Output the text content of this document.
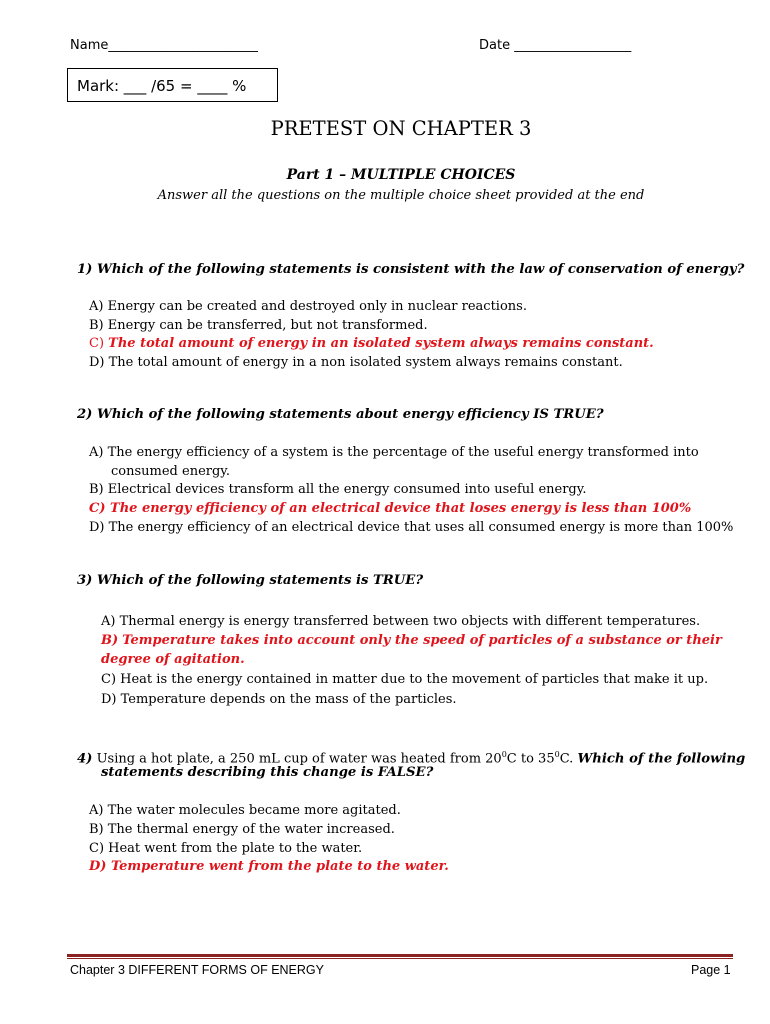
Name_______________________	Date __________________
Mark: ___ /65 = ____ %
PRETEST ON CHAPTER 3
Part 1 – MULTIPLE CHOICES
Answer all the questions on the multiple choice sheet provided at the end
1) Which of the following statements is consistent with the law of conservation of energy?
A) Energy can be created and destroyed only in nuclear reactions.
B) Energy can be transferred, but not transformed.
C) The total amount of energy in an isolated system always remains constant.
D) The total amount of energy in a non isolated system always remains constant.
2) Which of the following statements about energy efficiency IS TRUE?
A) The energy efficiency of a system is the percentage of the useful energy transformed into
consumed energy.
B) Electrical devices transform all the energy consumed into useful energy.
C) The energy efficiency of an electrical device that loses energy is less than 100%
D) The energy efficiency of an electrical device that uses all consumed energy is more than 100%
3) Which of the following statements is TRUE?
A) Thermal energy is energy transferred between two objects with different temperatures.
B) Temperature takes into account only the speed of particles of a substance or their
degree of agitation.
C) Heat is the energy contained in matter due to the movement of particles that make it up.
D) Temperature depends on the mass of the particles.
4) Using a hot plate, a 250 mL cup of water was heated from $20^0C$ to $35^0C$. Which of the following
statements describing this change is FALSE?
A) The water molecules became more agitated.
B) The thermal energy of the water increased.
C) Heat went from the plate to the water.
D) Temperature went from the plate to the water.
Chapter 3 DIFFERENT FORMS OF ENERGY	Page 1
